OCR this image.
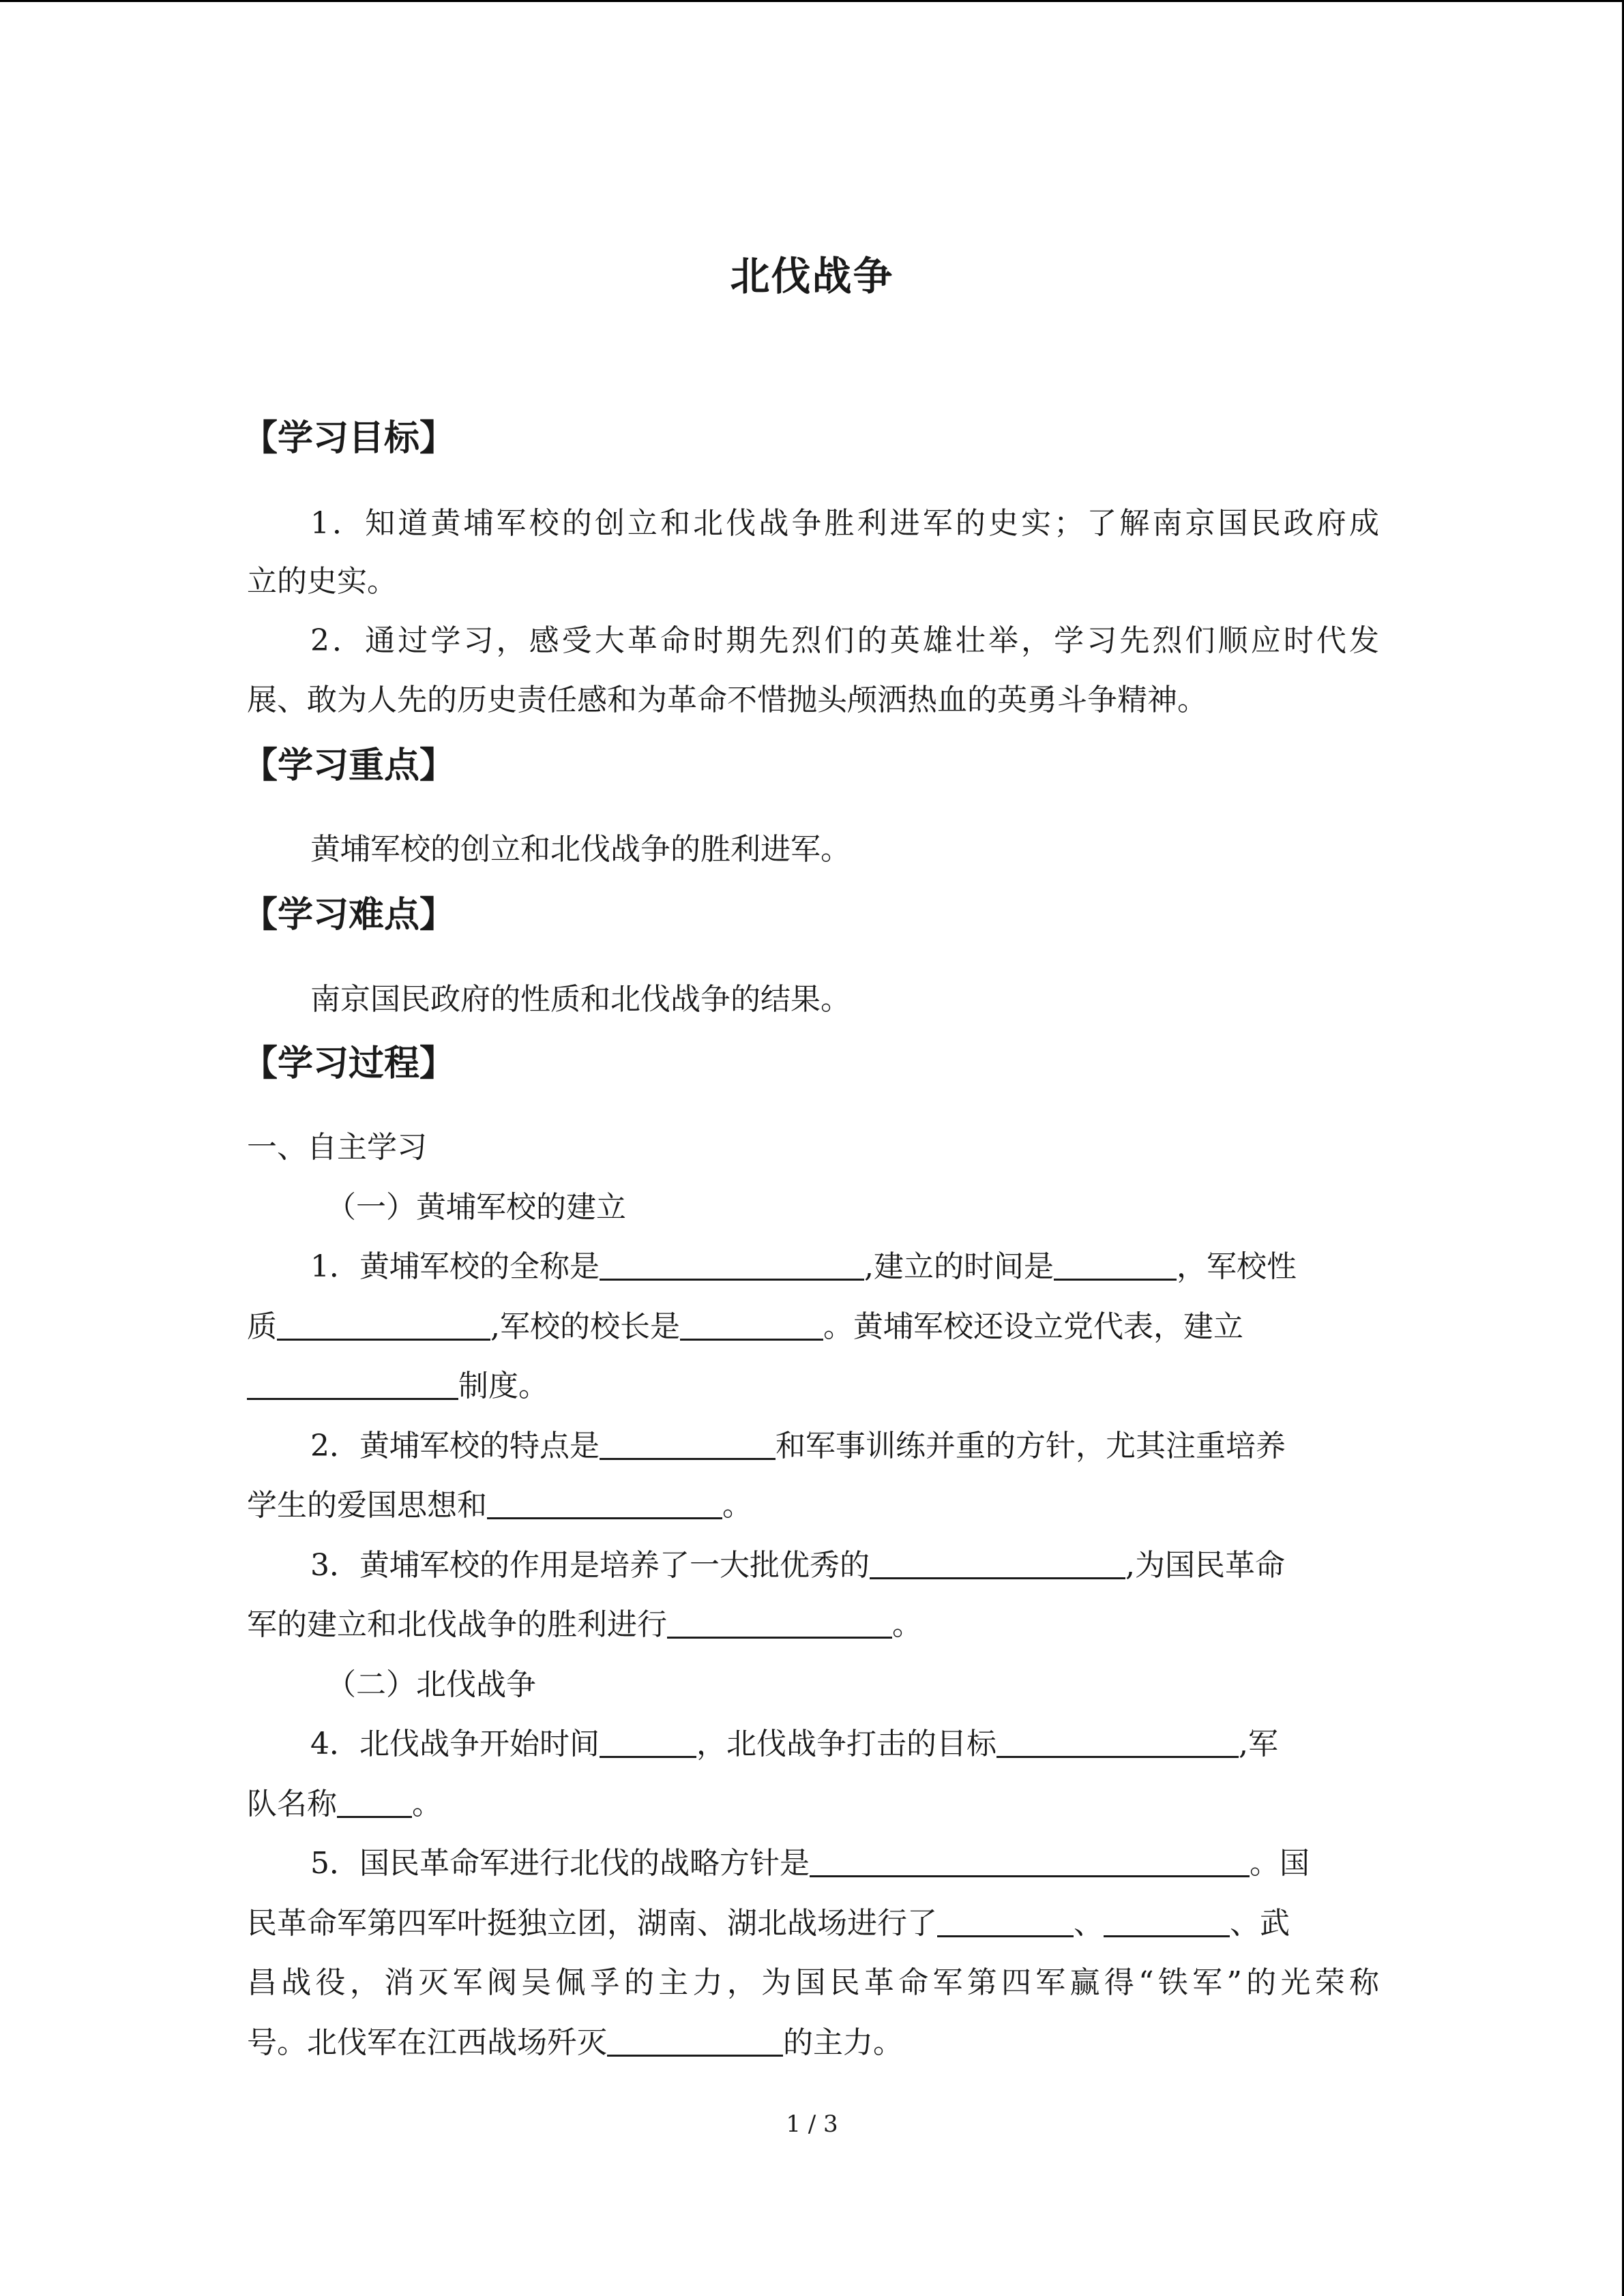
北伐战争
【学习目标】
1．知道黄埔军校的创立和北伐战争胜利进军的史实；了解南京国民政府成
立的史实。
2．通过学习，感受大革命时期先烈们的英雄壮举，学习先烈们顺应时代发
展、敢为人先的历史责任感和为革命不惜抛头颅洒热血的英勇斗争精神。
【学习重点】
黄埔军校的创立和北伐战争的胜利进军。
【学习难点】
南京国民政府的性质和北伐战争的结果。
【学习过程】
一、自主学习
（一）黄埔军校的建立
1．黄埔军校的全称是	,建立的时间是	，军校性
质	,军校的校长是	。黄埔军校还设立党代表，建立
制度。
2．黄埔军校的特点是	和军事训练并重的方针，尤其注重培养
学生的爱国思想和	。
3．黄埔军校的作用是培养了一大批优秀的	,为国民革命
军的建立和北伐战争的胜利进行	。
（二）北伐战争
4．北伐战争开始时间	，北伐战争打击的目标	,军
队名称	。
5．国民革命军进行北伐的战略方针是	。国
民革命军第四军叶挺独立团，湖南、湖北战场进行了	、	、武
昌战役，消灭军阀吴佩孚的主力，为国民革命军第四军赢得“铁军”的光荣称
号。北伐军在江西战场歼灭	的主力。
1 / 3
